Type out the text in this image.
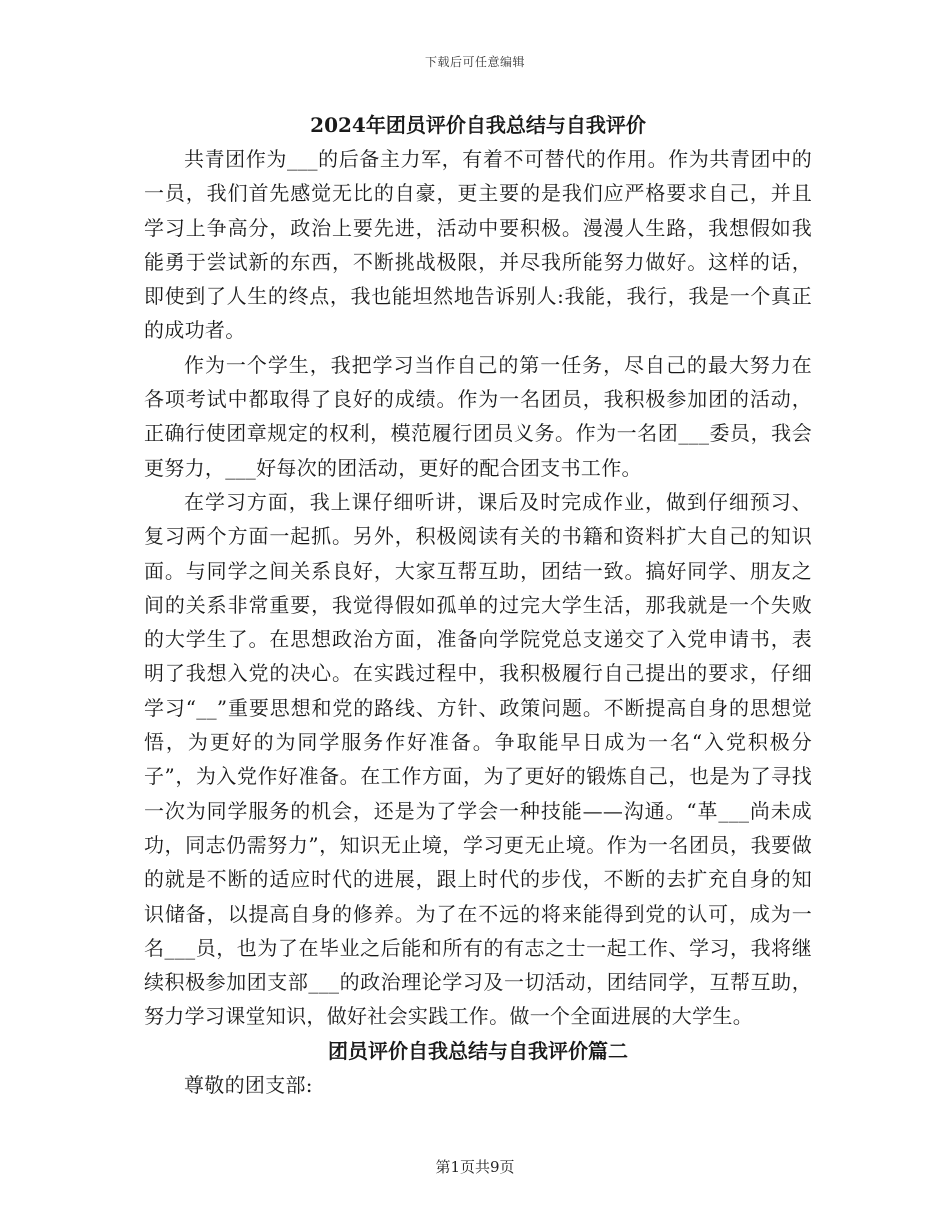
下载后可任意编辑
2024年团员评价自我总结与自我评价

共青团作为___的后备主力军，有着不可替代的作用。作为共青团中的一员，我们首先感觉无比的自豪，更主要的是我们应严格要求自己，并且学习上争高分，政治上要先进，活动中要积极。漫漫人生路，我想假如我能勇于尝试新的东西，不断挑战极限，并尽我所能努力做好。这样的话，即使到了人生的终点，我也能坦然地告诉别人:我能，我行，我是一个真正的成功者。

作为一个学生，我把学习当作自己的第一任务，尽自己的最大努力在各项考试中都取得了良好的成绩。作为一名团员，我积极参加团的活动，正确行使团章规定的权利，模范履行团员义务。作为一名团___委员，我会更努力，___好每次的团活动，更好的配合团支书工作。

在学习方面，我上课仔细听讲，课后及时完成作业，做到仔细预习、复习两个方面一起抓。另外，积极阅读有关的书籍和资料扩大自己的知识面。与同学之间关系良好，大家互帮互助，团结一致。搞好同学、朋友之间的关系非常重要，我觉得假如孤单的过完大学生活，那我就是一个失败的大学生了。在思想政治方面，准备向学院党总支递交了入党申请书，表明了我想入党的决心。在实践过程中，我积极履行自己提出的要求，仔细学习“__”重要思想和党的路线、方针、政策问题。不断提高自身的思想觉悟，为更好的为同学服务作好准备。争取能早日成为一名“入党积极分子”，为入党作好准备。在工作方面，为了更好的锻炼自己，也是为了寻找一次为同学服务的机会，还是为了学会一种技能——沟通。“革___尚未成功，同志仍需努力”，知识无止境，学习更无止境。作为一名团员，我要做的就是不断的适应时代的进展，跟上时代的步伐，不断的去扩充自身的知识储备，以提高自身的修养。为了在不远的将来能得到党的认可，成为一名___员，也为了在毕业之后能和所有的有志之士一起工作、学习，我将继续积极参加团支部___的政治理论学习及一切活动，团结同学，互帮互助，努力学习课堂知识，做好社会实践工作。做一个全面进展的大学生。

团员评价自我总结与自我评价篇二

尊敬的团支部:

第1页共9页
